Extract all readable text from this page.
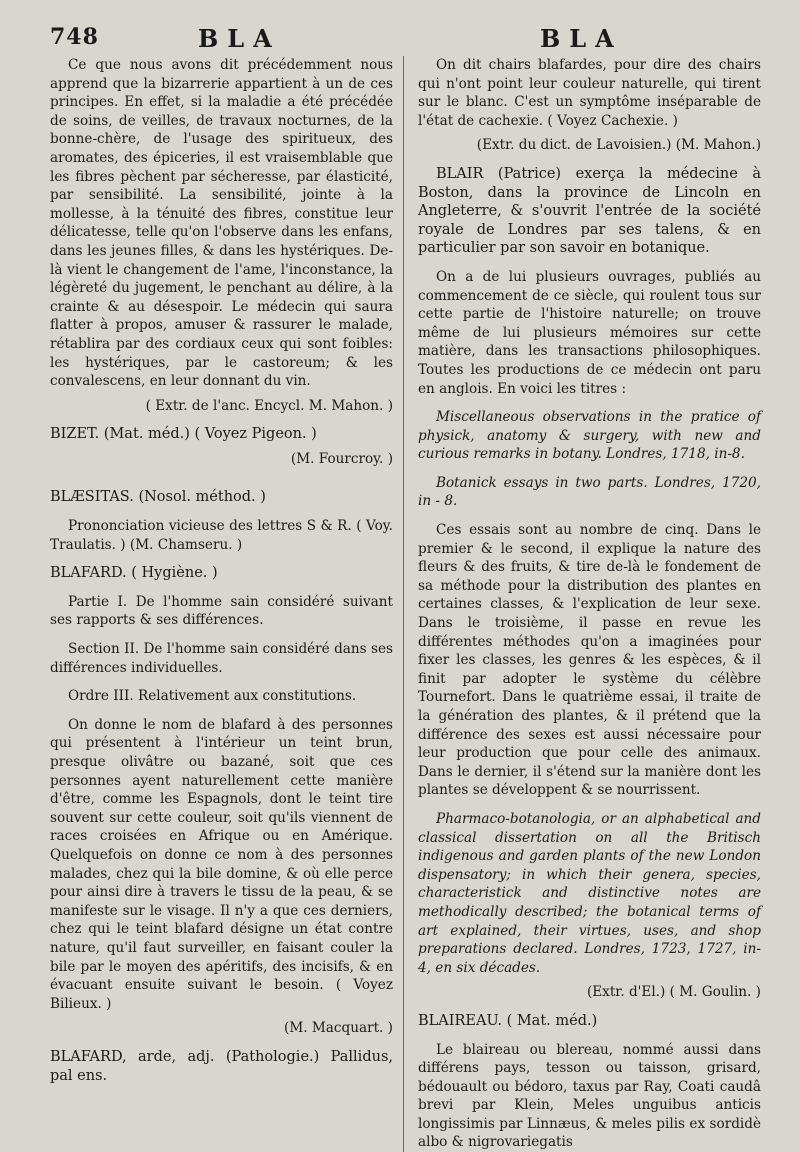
748	BLA	BLA

Ce que nous avons dit précédemment nous apprend que la bizarrerie appartient à un de ces principes. En effet, si la maladie a été précédée de soins, de veilles, de travaux nocturnes, de la bonne-chère, de l'usage des spiritueux, des aromates, des épiceries, il est vraisemblable que les fibres pèchent par sécheresse, par élasticité, par sensibilité. La sensibilité, jointe à la mollesse, à la ténuité des fibres, constitue leur délicatesse, telle qu'on l'observe dans les enfans, dans les jeunes filles, & dans les hystériques. De-là vient le changement de l'ame, l'inconstance, la légèreté du jugement, le penchant au délire, à la crainte & au désespoir. Le médecin qui saura flatter à propos, amuser & rassurer le malade, rétablira par des cordiaux ceux qui sont foibles: les hystériques, par le castoreum; & les convalescens, en leur donnant du vin.

( Extr. de l'anc. Encycl. M. Mahon. )

BIZET. (Mat. méd.) ( Voyez Pigeon. )

(M. Fourcroy. )

BLÆSITAS. (Nosol. méthod. )

Prononciation vicieuse des lettres S & R. ( Voy. Traulatis. ) (M. Chamseru. )

BLAFARD. ( Hygiène. )

Partie I. De l'homme sain considéré suivant ses rapports & ses différences.

Section II. De l'homme sain considéré dans ses différences individuelles.

Ordre III. Relativement aux constitutions.

On donne le nom de blafard à des personnes qui présentent à l'intérieur un teint brun, presque olivâtre ou bazané, soit que ces personnes ayent naturellement cette manière d'être, comme les Espagnols, dont le teint tire souvent sur cette couleur, soit qu'ils viennent de races croisées en Afrique ou en Amérique. Quelquefois on donne ce nom à des personnes malades, chez qui la bile domine, & où elle perce pour ainsi dire à travers le tissu de la peau, & se manifeste sur le visage. Il n'y a que ces derniers, chez qui le teint blafard désigne un état contre nature, qu'il faut surveiller, en faisant couler la bile par le moyen des apéritifs, des incisifs, & en évacuant ensuite suivant le besoin. ( Voyez Bilieux. )

(M. Macquart. )

BLAFARD, arde, adj. (Pathologie.) Pallidus, pal ens.

On dit chairs blafardes, pour dire des chairs qui n'ont point leur couleur naturelle, qui tirent sur le blanc. C'est un symptôme inséparable de l'état de cachexie. ( Voyez Cachexie. )

(Extr. du dict. de Lavoisien.) (M. Mahon.)

BLAIR (Patrice) exerça la médecine à Boston, dans la province de Lincoln en Angleterre, & s'ouvrit l'entrée de la société royale de Londres par ses talens, & en particulier par son savoir en botanique.

On a de lui plusieurs ouvrages, publiés au commencement de ce siècle, qui roulent tous sur cette partie de l'histoire naturelle; on trouve même de lui plusieurs mémoires sur cette matière, dans les transactions philosophiques. Toutes les productions de ce médecin ont paru en anglois. En voici les titres :

Miscellaneous observations in the pratice of physick, anatomy & surgery, with new and curious remarks in botany. Londres, 1718, in-8.

Botanick essays in two parts. Londres, 1720, in - 8.

Ces essais sont au nombre de cinq. Dans le premier & le second, il explique la nature des fleurs & des fruits, & tire de-là le fondement de sa méthode pour la distribution des plantes en certaines classes, & l'explication de leur sexe. Dans le troisième, il passe en revue les différentes méthodes qu'on a imaginées pour fixer les classes, les genres & les espèces, & il finit par adopter le système du célèbre Tournefort. Dans le quatrième essai, il traite de la génération des plantes, & il prétend que la différence des sexes est aussi nécessaire pour leur production que pour celle des animaux. Dans le dernier, il s'étend sur la manière dont les plantes se développent & se nourrissent.

Pharmaco-botanologia, or an alphabetical and classical dissertation on all the Britisch indigenous and garden plants of the new London dispensatory; in which their genera, species, characteristick and distinctive notes are methodically described; the botanical terms of art explained, their virtues, uses, and shop preparations declared. Londres, 1723, 1727, in-4, en six décades.

(Extr. d'El.) ( M. Goulin. )

BLAIREAU. ( Mat. méd.)

Le blaireau ou blereau, nommé aussi dans différens pays, tesson ou taisson, grisard, bédouault ou bédoro, taxus par Ray, Coati caudâ brevi par Klein, Meles unguibus anticis longissimis par Linnæus, & meles pilis ex sordidè albo & nigrovariegatis
